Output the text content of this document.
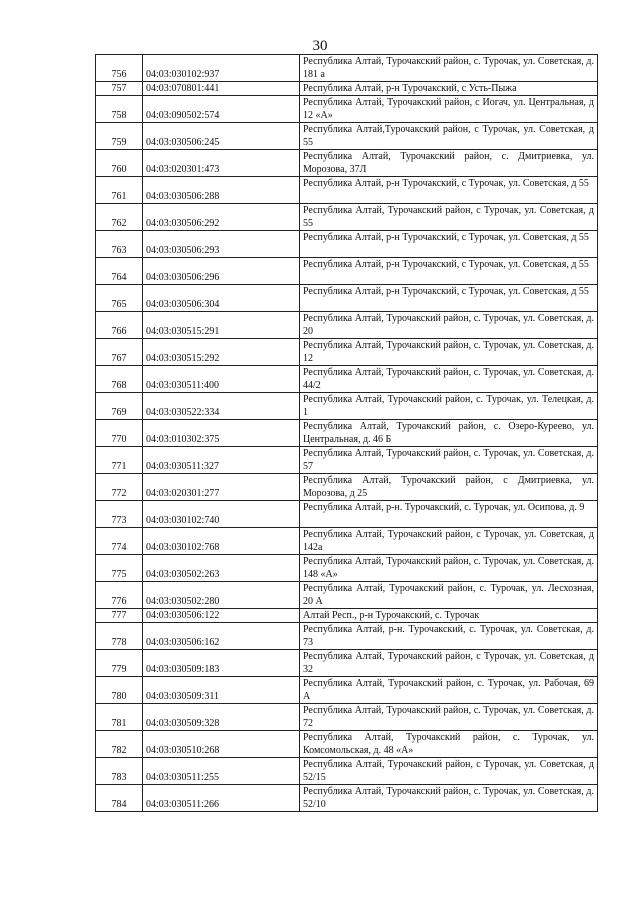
30
756	04:03:030102:937	Республика Алтай, Турочакский район, с. Турочак, ул. Советская, д. 181 а
757	04:03:070801:441	Республика Алтай, р-н Турочакский, с Усть-Пыжа
758	04:03:090502:574	Республика Алтай, Турочакский район, с Иогач, ул. Центральная, д 12 «А»
759	04:03:030506:245	Республика Алтай,Турочакский район, с Турочак, ул. Советская, д 55
760	04:03:020301:473	Республика Алтай, Турочакский район, с. Дмитриевка, ул. Морозова, 37Л
761	04:03:030506:288	Республика Алтай, р-н Турочакский, с Турочак, ул. Советская, д 55
762	04:03:030506:292	Республика Алтай, Турочакский район, с Турочак, ул. Советская, д 55
763	04:03:030506:293	Республика Алтай, р-н Турочакский, с Турочак, ул. Советская, д 55
764	04:03:030506:296	Республика Алтай, р-н Турочакский, с Турочак, ул. Советская, д 55
765	04:03:030506:304	Республика Алтай, р-н Турочакский, с Турочак, ул. Советская, д 55
766	04:03:030515:291	Республика Алтай, Турочакский район, с. Турочак, ул. Советская, д. 20
767	04:03:030515:292	Республика Алтай, Турочакский район, с. Турочак, ул. Советская, д. 12
768	04:03:030511:400	Республика Алтай, Турочакский район, с. Турочак, ул. Советская, д. 44/2
769	04:03:030522:334	Республика Алтай, Турочакский район, с. Турочак, ул. Телецкая, д. 1
770	04:03:010302:375	Республика Алтай, Турочакский район, с. Озеро-Куреево, ул. Центральная, д. 46 Б
771	04:03:030511:327	Республика Алтай, Турочакский район, с. Турочак, ул. Советская, д. 57
772	04:03:020301:277	Республика Алтай, Турочакский район, с Дмитриевка, ул. Морозова, д 25
773	04:03:030102:740	Республика Алтай, р-н. Турочакский, с. Турочак, ул. Осипова, д. 9
774	04:03:030102:768	Республика Алтай, Турочакский район, с Турочак, ул. Советская, д 142а
775	04:03:030502:263	Республика Алтай, Турочакский район, с. Турочак, ул. Советская, д. 148 «А»
776	04:03:030502:280	Республика Алтай, Турочакский район, с. Турочак, ул. Лесхозная, 20 А
777	04:03:030506:122	Алтай Респ., р-н Турочакский, с. Турочак
778	04:03:030506:162	Республика Алтай, р-н. Турочакский, с. Турочак, ул. Советская, д. 73
779	04:03:030509:183	Республика Алтай, Турочакский район, с Турочак, ул. Советская, д 32
780	04:03:030509:311	Республика Алтай, Турочакский район, с. Турочак, ул. Рабочая, 69 А
781	04:03:030509:328	Республика Алтай, Турочакский район, с. Турочак, ул. Советская, д. 72
782	04:03:030510:268	Республика Алтай, Турочакский район, с. Турочак, ул. Комсомольская, д. 48 «А»
783	04:03:030511:255	Республика Алтай, Турочакский район, с Турочак, ул. Советская, д 52/15
784	04:03:030511:266	Республика Алтай, Турочакский район, с. Турочак, ул. Советская, д. 52/10
